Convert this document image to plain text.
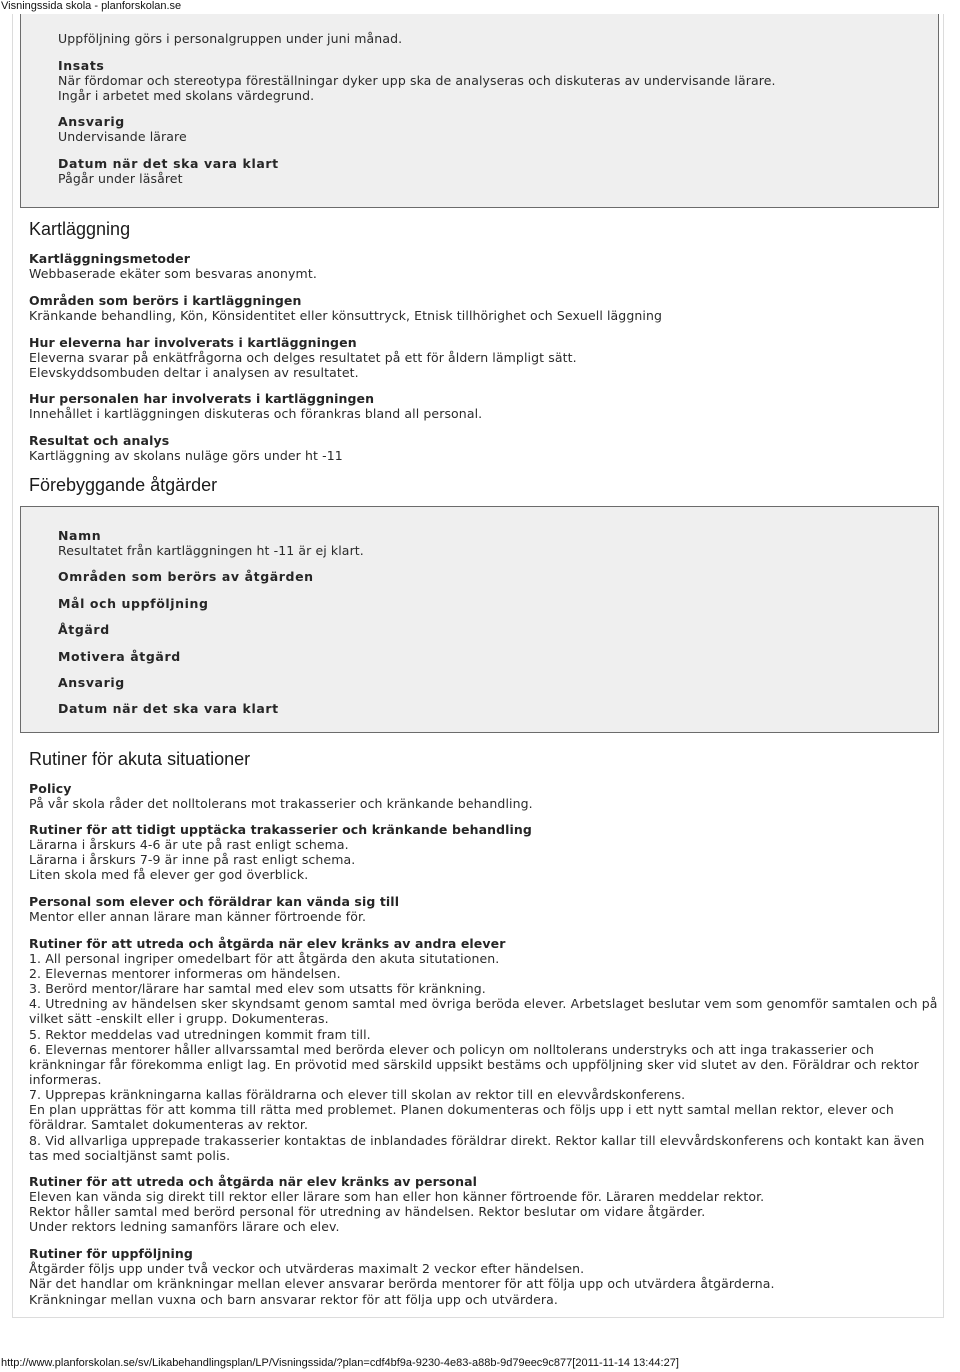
Visningssida skola - planforskolan.se
Uppföljning görs i personalgruppen under juni månad.
Insats
När fördomar och stereotypa föreställningar dyker upp ska de analyseras och diskuteras av undervisande lärare.
Ingår i arbetet med skolans värdegrund.
Ansvarig
Undervisande lärare
Datum när det ska vara klart
Pågår under läsåret
Kartläggning
Kartläggningsmetoder
Webbaserade ekäter som besvaras anonymt.
Områden som berörs i kartläggningen
Kränkande behandling, Kön, Könsidentitet eller könsuttryck, Etnisk tillhörighet och Sexuell läggning
Hur eleverna har involverats i kartläggningen
Eleverna svarar på enkätfrågorna och delges resultatet på ett för åldern lämpligt sätt.
Elevskyddsombuden deltar i analysen av resultatet.
Hur personalen har involverats i kartläggningen
Innehållet i kartläggningen diskuteras och förankras bland all personal.
Resultat och analys
Kartläggning av skolans nuläge görs under ht -11
Förebyggande åtgärder
Namn
Resultatet från kartläggningen ht -11 är ej klart.
Områden som berörs av åtgärden
Mål och uppföljning
Åtgärd
Motivera åtgärd
Ansvarig
Datum när det ska vara klart
Rutiner för akuta situationer
Policy
På vår skola råder det nolltolerans mot trakasserier och kränkande behandling.
Rutiner för att tidigt upptäcka trakasserier och kränkande behandling
Lärarna i årskurs 4-6 är ute på rast enligt schema.
Lärarna i årskurs 7-9 är inne på rast enligt schema.
Liten skola med få elever ger god överblick.
Personal som elever och föräldrar kan vända sig till
Mentor eller annan lärare man känner förtroende för.
Rutiner för att utreda och åtgärda när elev kränks av andra elever
1. All personal ingriper omedelbart för att åtgärda den akuta situtationen.
2. Elevernas mentorer informeras om händelsen.
3. Berörd mentor/lärare har samtal med elev som utsatts för kränkning.
4. Utredning av händelsen sker skyndsamt genom samtal med övriga beröda elever. Arbetslaget beslutar vem som genomför samtalen och på
vilket sätt -enskilt eller i grupp. Dokumenteras.
5. Rektor meddelas vad utredningen kommit fram till.
6. Elevernas mentorer håller allvarssamtal med berörda elever och policyn om nolltolerans understryks och att inga trakasserier och
kränkningar får förekomma enligt lag. En prövotid med särskild uppsikt bestäms och uppföljning sker vid slutet av den. Föräldrar och rektor
informeras.
7. Upprepas kränkningarna kallas föräldrarna och elever till skolan av rektor till en elevvårdskonferens.
En plan upprättas för att komma till rätta med problemet. Planen dokumenteras och följs upp i ett nytt samtal mellan rektor, elever och
föräldrar. Samtalet dokumenteras av rektor.
8. Vid allvarliga upprepade trakasserier kontaktas de inblandades föräldrar direkt. Rektor kallar till elevvårdskonferens och kontakt kan även
tas med socialtjänst samt polis.
Rutiner för att utreda och åtgärda när elev kränks av personal
Eleven kan vända sig direkt till rektor eller lärare som han eller hon känner förtroende för. Läraren meddelar rektor.
Rektor håller samtal med berörd personal för utredning av händelsen. Rektor beslutar om vidare åtgärder.
Under rektors ledning samanförs lärare och elev.
Rutiner för uppföljning
Åtgärder följs upp under två veckor och utvärderas maximalt 2 veckor efter händelsen.
När det handlar om kränkningar mellan elever ansvarar berörda mentorer för att följa upp och utvärdera åtgärderna.
Kränkningar mellan vuxna och barn ansvarar rektor för att följa upp och utvärdera.
http://www.planforskolan.se/sv/Likabehandlingsplan/LP/Visningssida/?plan=cdf4bf9a-9230-4e83-a88b-9d79eec9c877[2011-11-14 13:44:27]
